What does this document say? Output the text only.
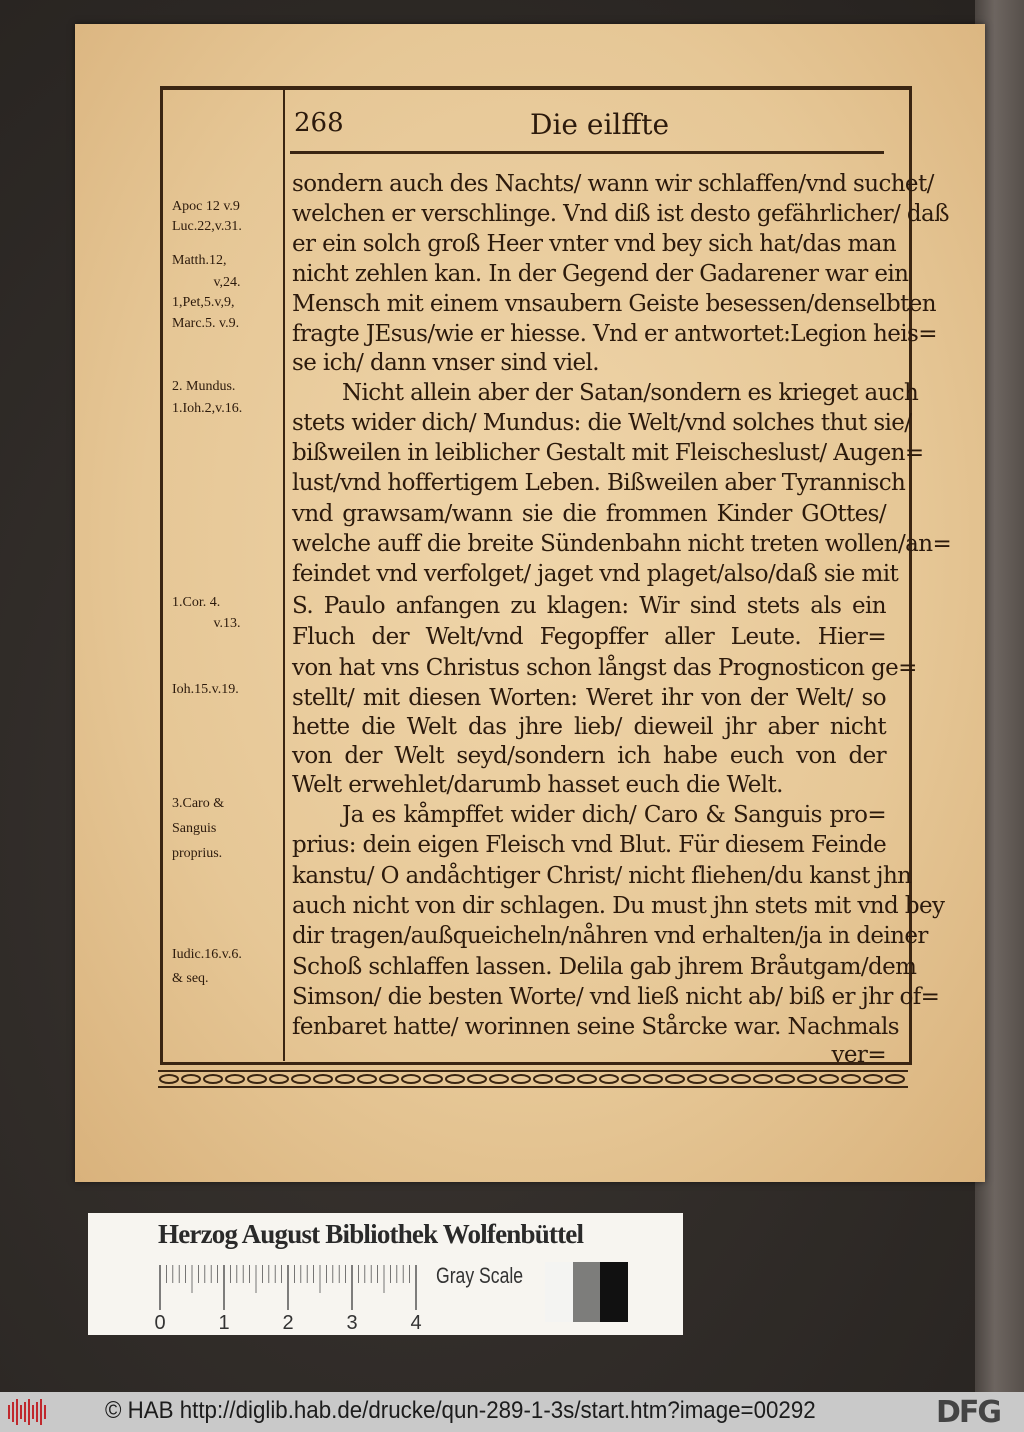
268	Die eilffte
sondern auch des Nachts/ wann wir schlaffen/vnd suchet/
welchen er verschlinge. Vnd diß ist desto gefährlicher/ daß
er ein solch groß Heer vnter vnd bey sich hat/das man
nicht zehlen kan. In der Gegend der Gadarener war ein
Mensch mit einem vnsaubern Geiste besessen/denselbten
fragte JEsus/wie er hiesse. Vnd er antwortet:Legion heis=
se ich/ dann vnser sind viel.
Nicht allein aber der Satan/sondern es krieget auch
stets wider dich/ Mundus: die Welt/vnd solches thut sie/
bißweilen in leiblicher Gestalt mit Fleischeslust/ Augen=
lust/vnd hoffertigem Leben. Bißweilen aber Tyrannisch
vnd grawsam/wann sie die frommen Kinder GOttes/
welche auff die breite Sündenbahn nicht treten wollen/an=
feindet vnd verfolget/ jaget vnd plaget/also/daß sie mit
S. Paulo anfangen zu klagen: Wir sind stets als ein
Fluch der Welt/vnd Fegopffer aller Leute. Hier=
von hat vns Christus schon långst das Prognosticon ge=
stellt/ mit diesen Worten: Weret ihr von der Welt/ so
hette die Welt das jhre lieb/ dieweil jhr aber nicht
von der Welt seyd/sondern ich habe euch von der
Welt erwehlet/darumb hasset euch die Welt.
Ja es kåmpffet wider dich/ Caro & Sanguis pro=
prius: dein eigen Fleisch vnd Blut. Für diesem Feinde
kanstu/ O andåchtiger Christ/ nicht fliehen/du kanst jhn
auch nicht von dir schlagen. Du must jhn stets mit vnd bey
dir tragen/außqueicheln/nåhren vnd erhalten/ja in deiner
Schoß schlaffen lassen. Delila gab jhrem Bråutgam/dem
Simson/ die besten Worte/ vnd ließ nicht ab/ biß er jhr of=
fenbaret hatte/ worinnen seine Stårcke war. Nachmals
ver=
Apoc 12 v.9
Luc.22,v.31.
Matth.12,
v,24.
1,Pet,5.v,9,
Marc.5. v.9.
2. Mundus.
1.Ioh.2,v.16.
1.Cor. 4.
v.13.
Ioh.15.v.19.
3.Caro &
Sanguis
proprius.
Iudic.16.v.6.
& seq.
Herzog August Bibliothek Wolfenbüttel
0	1	2	3	4
Gray Scale
© HAB http://diglib.hab.de/drucke/qun-289-1-3s/start.htm?image=00292	DFG
